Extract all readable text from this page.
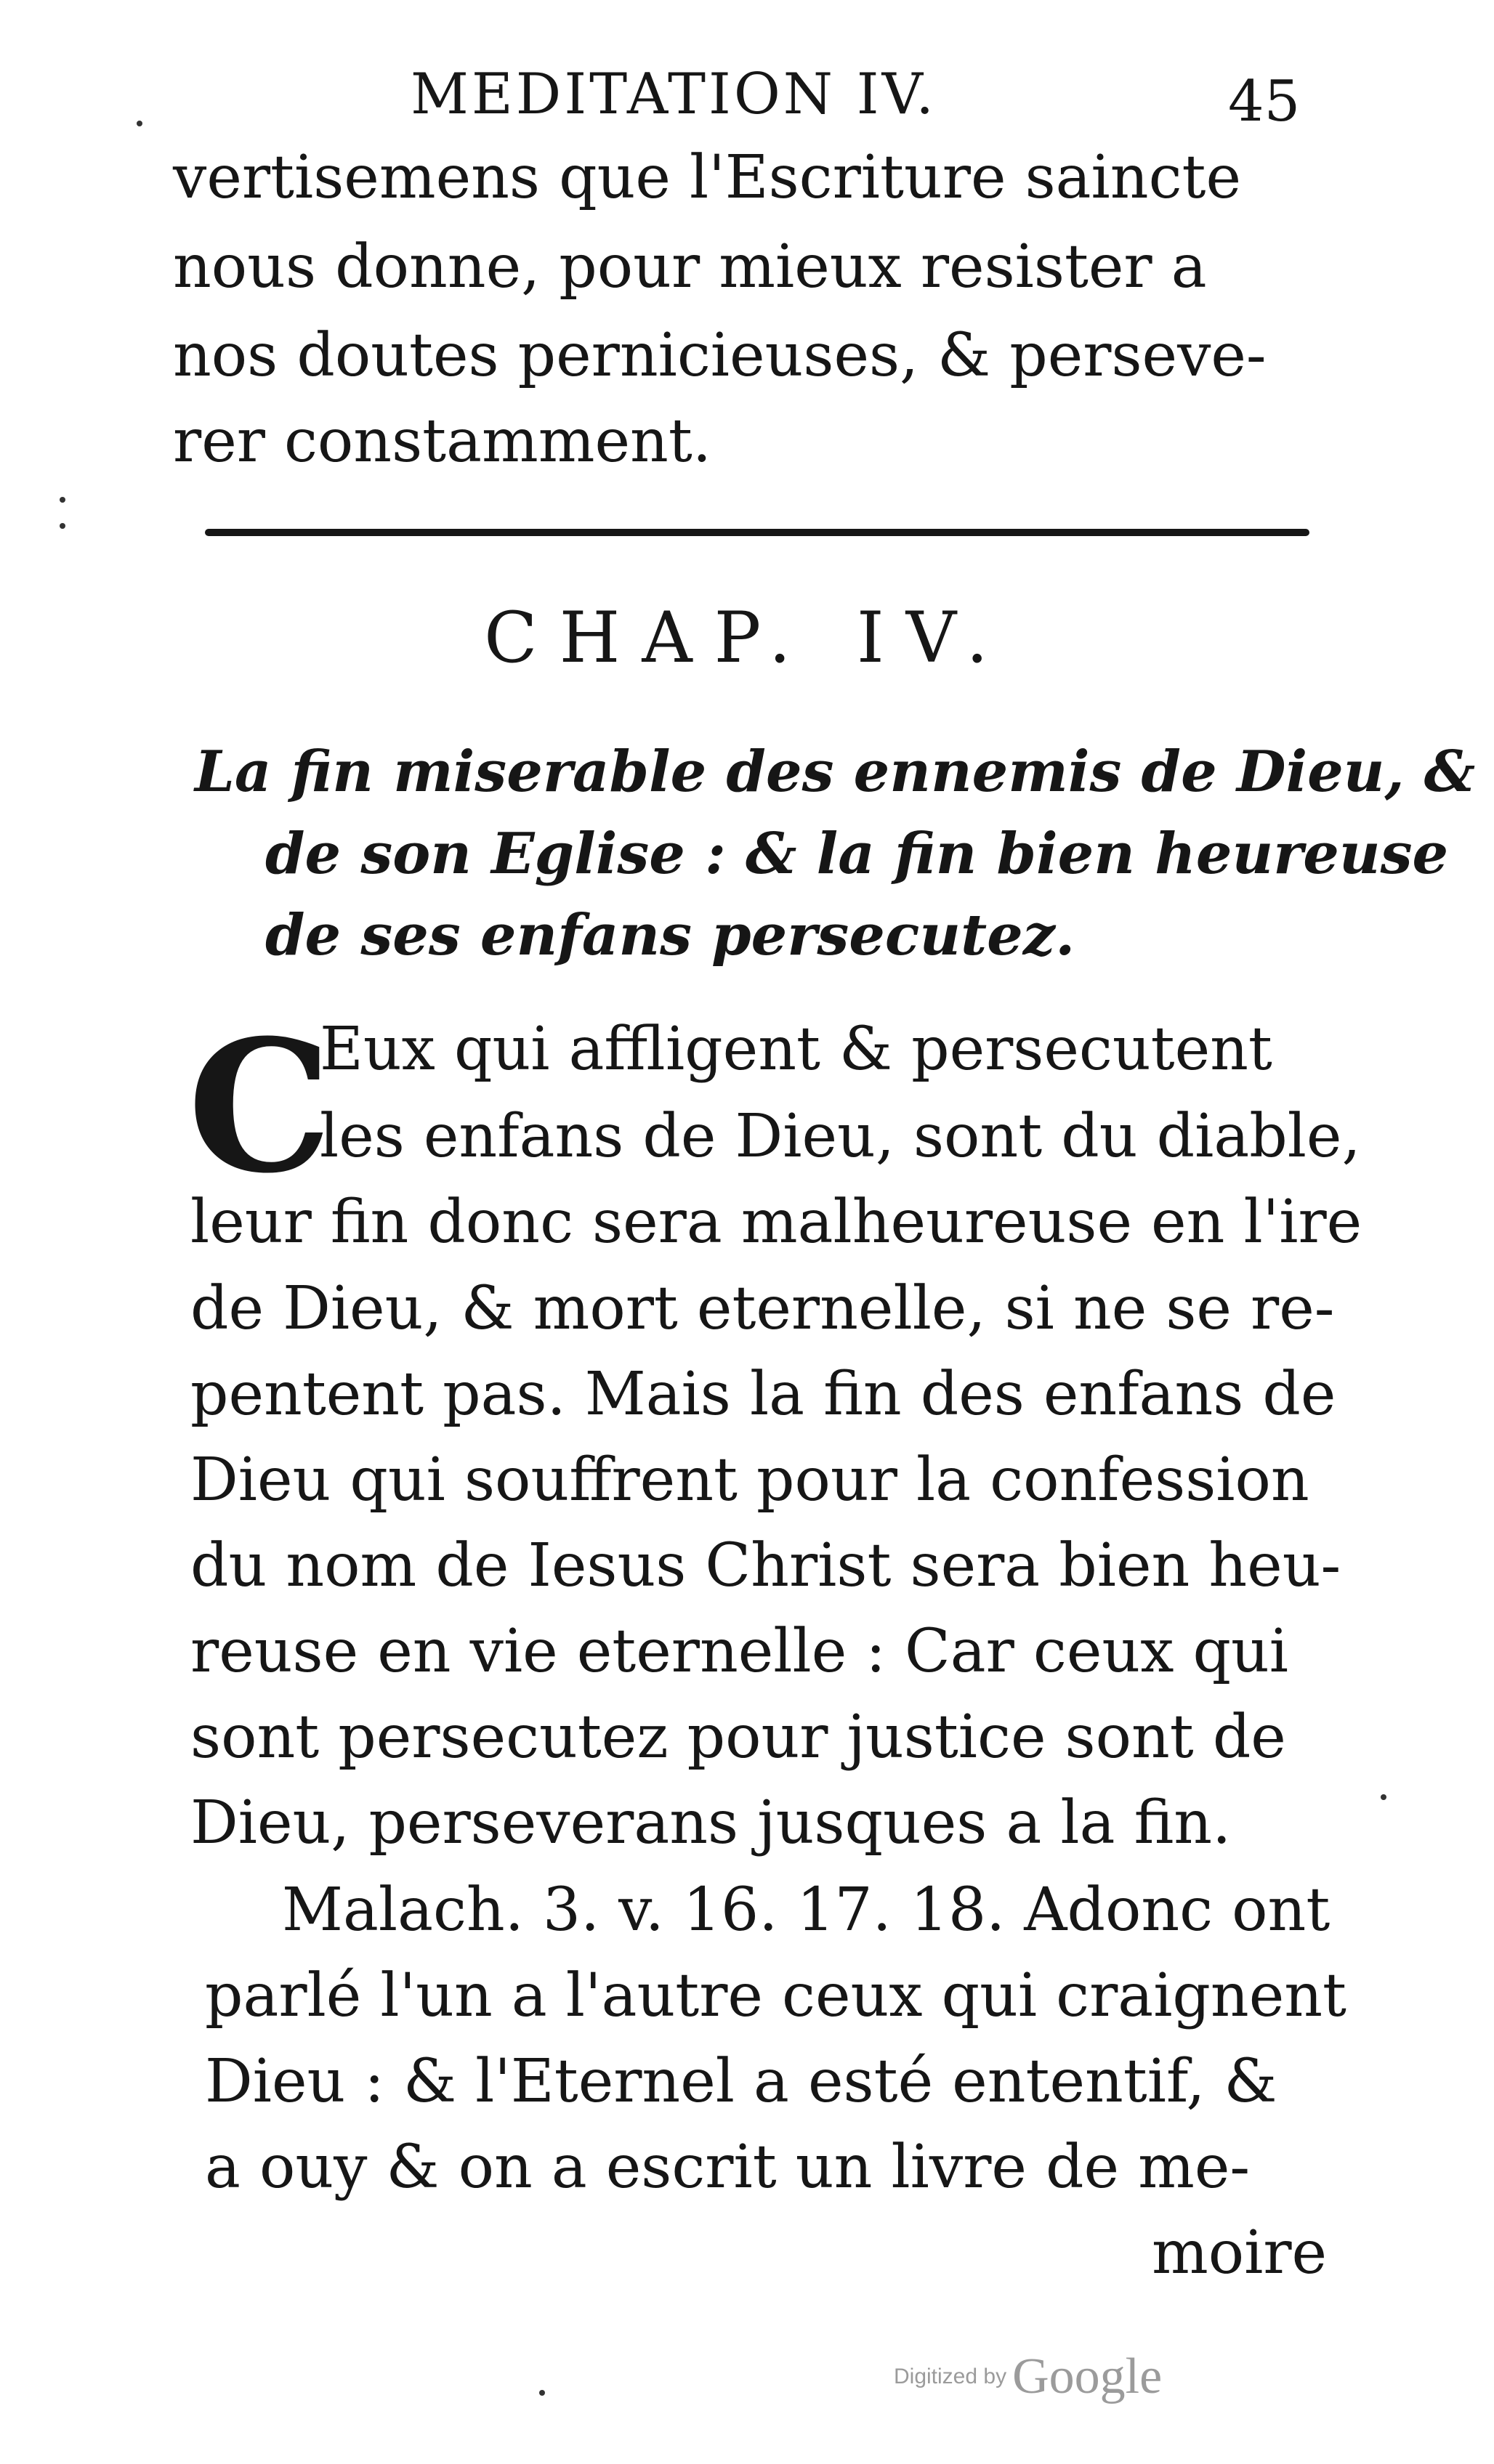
MEDITATION IV.	45
vertisemens que l'Escriture saincte
nous donne, pour mieux resister a
nos doutes pernicieuses, & perseve-
rer constamment.
CHAP. IV.
La fin miserable des ennemis de Dieu, &
de son Eglise : & la fin bien heureuse
de ses enfans persecutez.
C
Eux qui affligent & persecutent
les enfans de Dieu, sont du diable,
leur fin donc sera malheureuse en l'ire
de Dieu, & mort eternelle, si ne se re-
pentent pas. Mais la fin des enfans de
Dieu qui souffrent pour la confession
du nom de Iesus Christ sera bien heu-
reuse en vie eternelle : Car ceux qui
sont persecutez pour justice sont de
Dieu, perseverans jusques a la fin.
Malach. 3. v. 16. 17. 18. Adonc ont
parlé l'un a l'autre ceux qui craignent
Dieu : & l'Eternel a esté ententif, &
a ouy & on a escrit un livre de me-
moire
Digitized by Google
